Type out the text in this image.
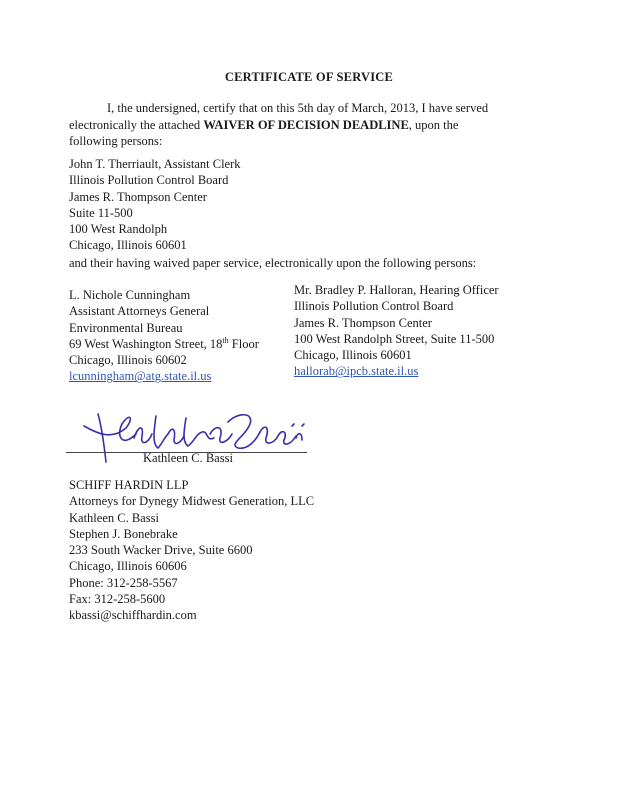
CERTIFICATE OF SERVICE
I, the undersigned, certify that on this 5th day of March, 2013, I have served electronically the attached WAIVER OF DECISION DEADLINE, upon the following persons:
John T. Therriault, Assistant Clerk
Illinois Pollution Control Board
James R. Thompson Center
Suite 11-500
100 West Randolph
Chicago, Illinois 60601
and their having waived paper service, electronically upon the following persons:
L. Nichole Cunningham
Assistant Attorneys General
Environmental Bureau
69 West Washington Street, 18th Floor
Chicago, Illinois 60602
lcunningham@atg.state.il.us
Mr. Bradley P. Halloran, Hearing Officer
Illinois Pollution Control Board
James R. Thompson Center
100 West Randolph Street, Suite 11-500
Chicago, Illinois 60601
hallorab@ipcb.state.il.us
Kathleen C. Bassi
SCHIFF HARDIN LLP
Attorneys for Dynegy Midwest Generation, LLC
Kathleen C. Bassi
Stephen J. Bonebrake
233 South Wacker Drive, Suite 6600
Chicago, Illinois 60606
Phone: 312-258-5567
Fax: 312-258-5600
kbassi@schiffhardin.com
